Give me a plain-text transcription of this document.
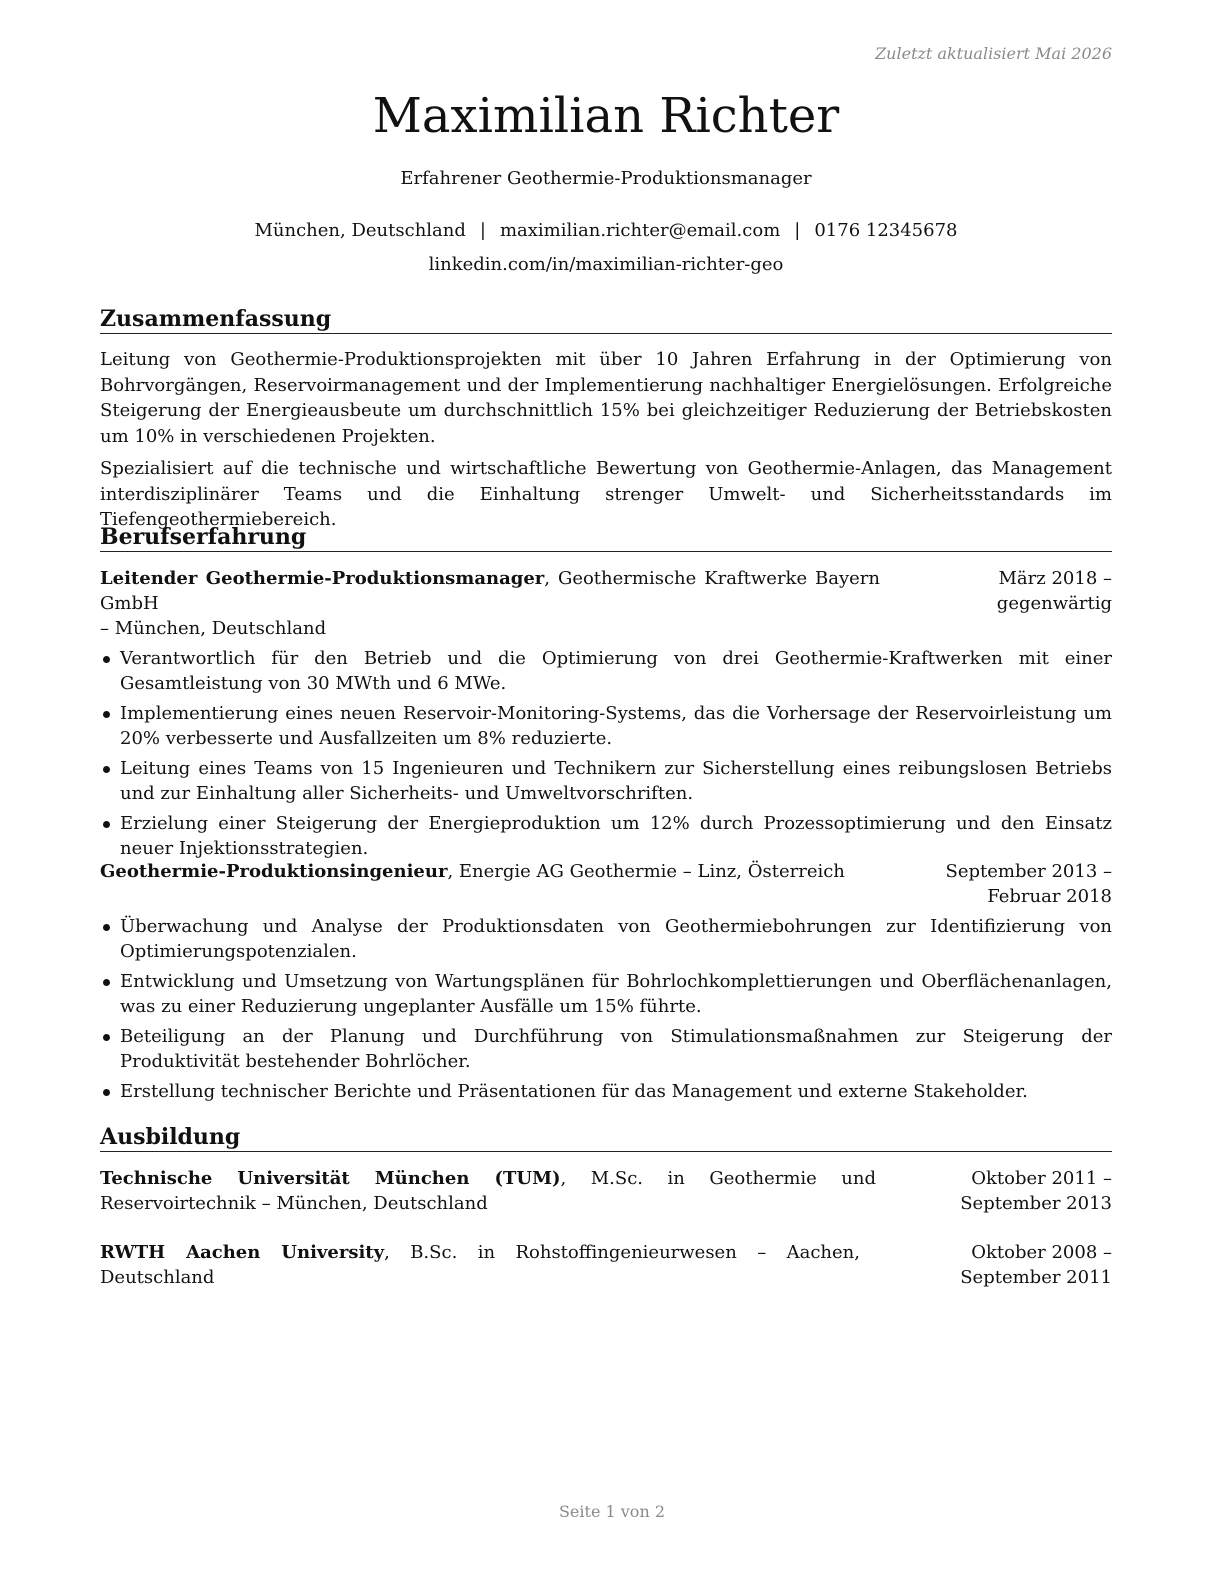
Zuletzt aktualisiert Mai 2026
Maximilian Richter
Erfahrener Geothermie-Produktionsmanager
München, Deutschland | maximilian.richter@email.com | 0176 12345678
linkedin.com/in/maximilian-richter-geo
Zusammenfassung
Leitung von Geothermie-Produktionsprojekten mit über 10 Jahren Erfahrung in der Optimierung von Bohrvorgängen, Reservoirmanagement und der Implementierung nachhaltiger Energielösungen. Erfolgreiche Steigerung der Energieausbeute um durchschnittlich 15% bei gleichzeitiger Reduzierung der Betriebskosten um 10% in verschiedenen Projekten.
Spezialisiert auf die technische und wirtschaftliche Bewertung von Geothermie-Anlagen, das Management interdisziplinärer Teams und die Einhaltung strenger Umwelt- und Sicherheitsstandards im Tiefengeothermiebereich.
Berufserfahrung
Leitender Geothermie-Produktionsmanager, Geothermische Kraftwerke Bayern GmbH
März 2018 – gegenwärtig
– München, Deutschland
Verantwortlich für den Betrieb und die Optimierung von drei Geothermie-Kraftwerken mit einer Gesamtleistung von 30 MWth und 6 MWe.
Implementierung eines neuen Reservoir-Monitoring-Systems, das die Vorhersage der Reservoirleistung um 20% verbesserte und Ausfallzeiten um 8% reduzierte.
Leitung eines Teams von 15 Ingenieuren und Technikern zur Sicherstellung eines reibungslosen Betriebs und zur Einhaltung aller Sicherheits- und Umweltvorschriften.
Erzielung einer Steigerung der Energieproduktion um 12% durch Prozessoptimierung und den Einsatz neuer Injektionsstrategien.
Geothermie-Produktionsingenieur, Energie AG Geothermie – Linz, Österreich	September 2013 – Februar 2018
Überwachung und Analyse der Produktionsdaten von Geothermiebohrungen zur Identifizierung von Optimierungspotenzialen.
Entwicklung und Umsetzung von Wartungsplänen für Bohrlochkomplettierungen und Oberflächenanlagen, was zu einer Reduzierung ungeplanter Ausfälle um 15% führte.
Beteiligung an der Planung und Durchführung von Stimulationsmaßnahmen zur Steigerung der Produktivität bestehender Bohrlöcher.
Erstellung technischer Berichte und Präsentationen für das Management und externe Stakeholder.
Ausbildung
Technische Universität München (TUM), M.Sc. in Geothermie und Reservoirtechnik – München, Deutschland
Oktober 2011 – September 2013
RWTH Aachen University, B.Sc. in Rohstoffingenieurwesen – Aachen, Deutschland
Oktober 2008 – September 2011
Seite 1 von 2
